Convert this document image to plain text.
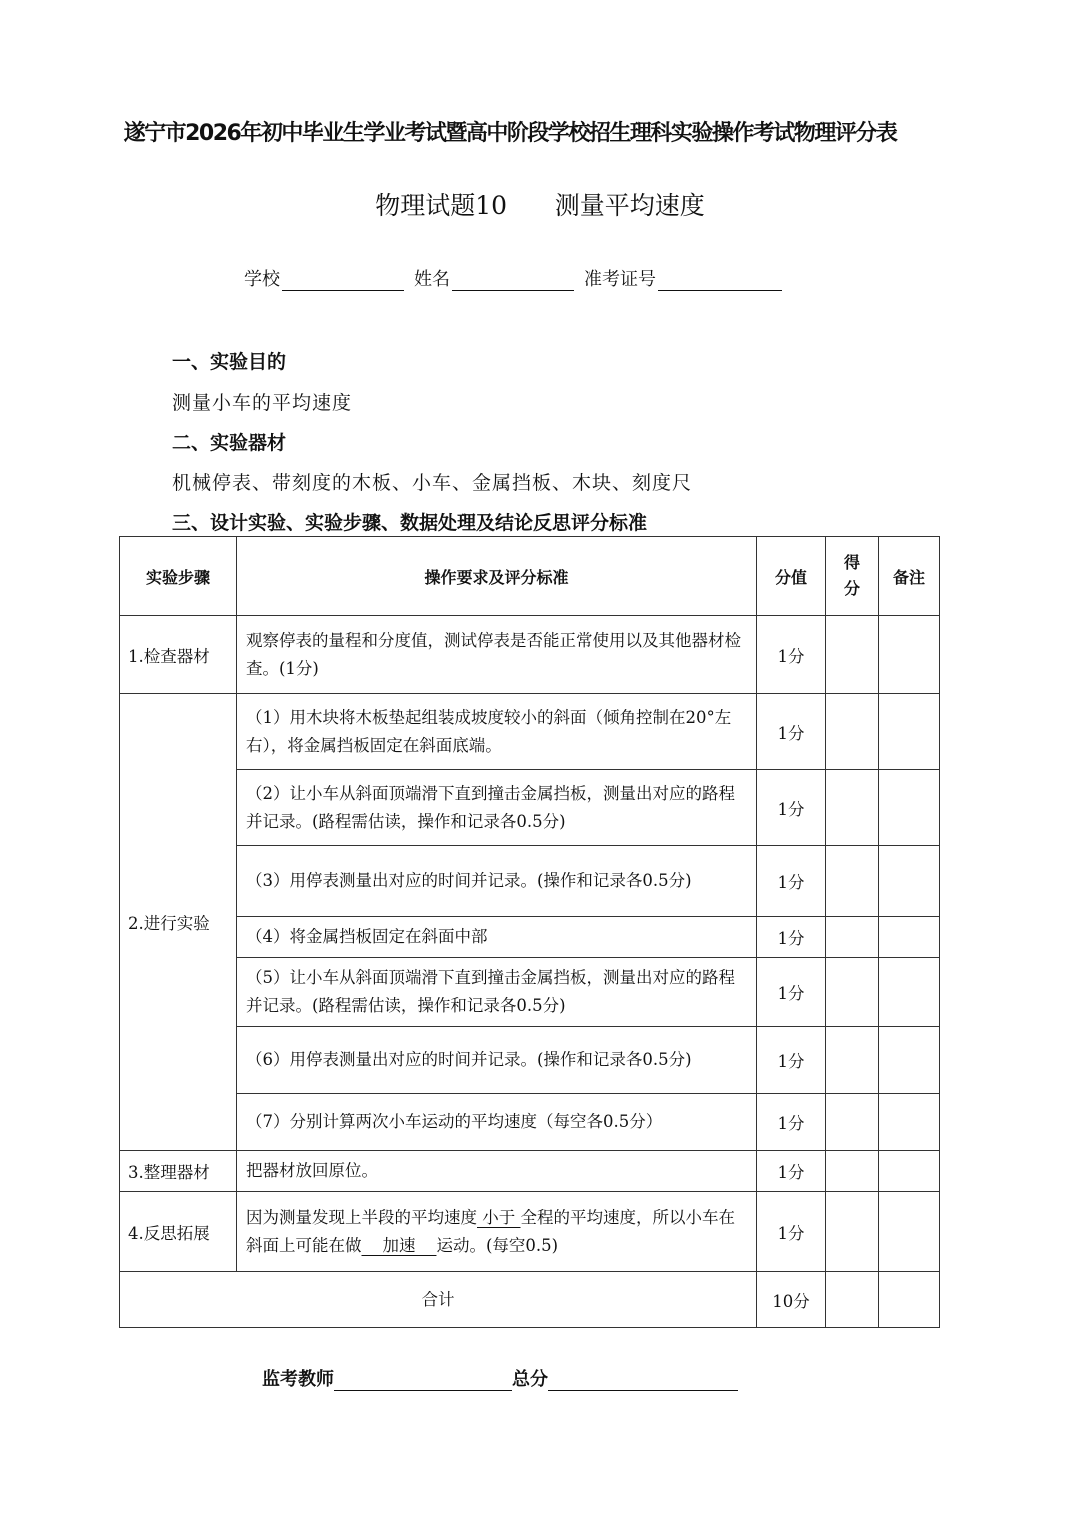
遂宁市2026年初中毕业生学业考试暨高中阶段学校招生理科实验操作考试物理评分表
物理试题10      测量平均速度
学校	姓名	准考证号
一、实验目的
测量小车的平均速度
二、实验器材
机械停表、带刻度的木板、小车、金属挡板、木块、刻度尺
三、设计实验、实验步骤、数据处理及结论反思评分标准
实验步骤	操作要求及评分标准	分值	得分	备注
1.检查器材	观察停表的量程和分度值，测试停表是否能正常使用以及其他器材检查。(1分)	1分		
2.进行实验	（1）用木块将木板垫起组装成坡度较小的斜面（倾角控制在20°左右），将金属挡板固定在斜面底端。	1分		
	（2）让小车从斜面顶端滑下直到撞击金属挡板，测量出对应的路程并记录。(路程需估读，操作和记录各0.5分)	1分		
	（3）用停表测量出对应的时间并记录。(操作和记录各0.5分)	1分		
	（4）将金属挡板固定在斜面中部	1分		
	（5）让小车从斜面顶端滑下直到撞击金属挡板，测量出对应的路程并记录。(路程需估读，操作和记录各0.5分)	1分		
	（6）用停表测量出对应的时间并记录。(操作和记录各0.5分)	1分		
	（7）分别计算两次小车运动的平均速度（每空各0.5分）	1分		
3.整理器材	把器材放回原位。	1分		
4.反思拓展	因为测量发现上半段的平均速度 小于 全程的平均速度，所以小车在斜面上可能在做    加速    运动。(每空0.5)	1分		
合计		10分		
监考教师	总分
